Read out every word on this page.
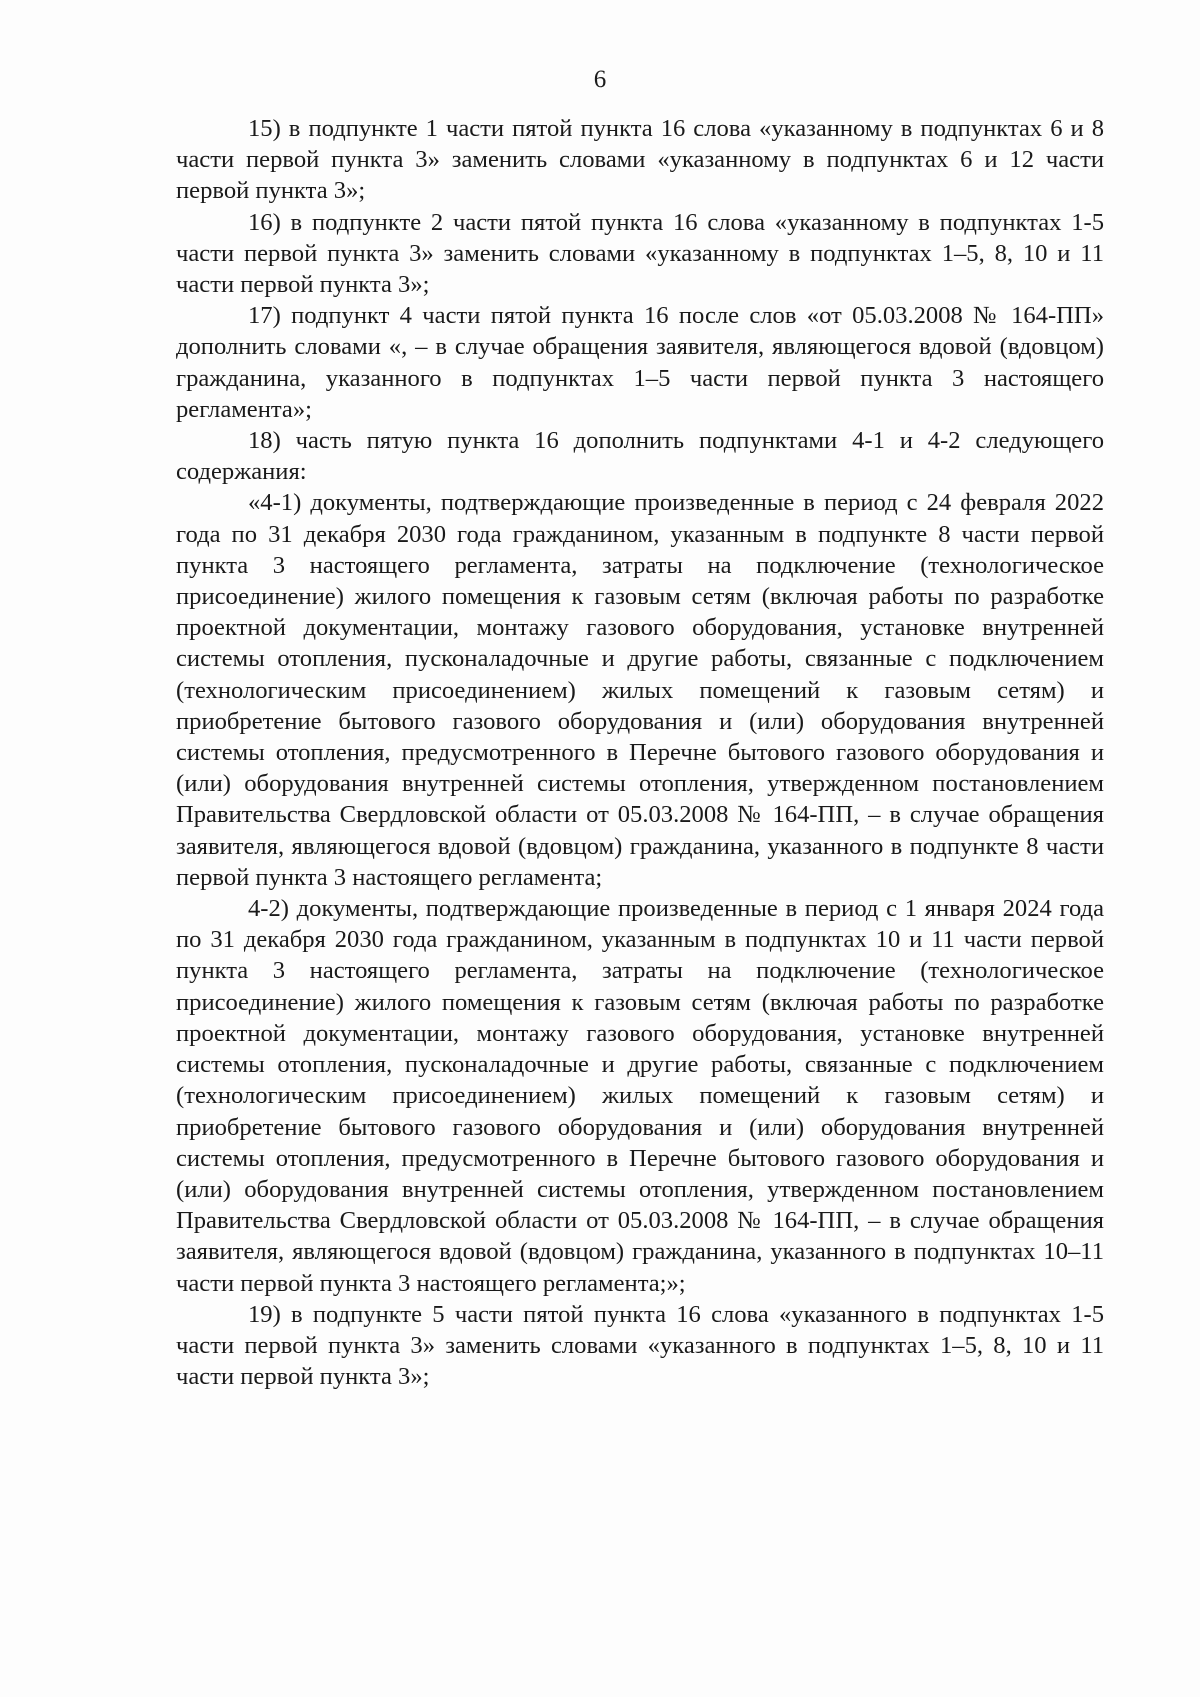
6

15) в подпункте 1 части пятой пункта 16 слова «указанному в подпунктах 6 и 8 части первой пункта 3» заменить словами «указанному в подпунктах 6 и 12 части первой пункта 3»;

16) в подпункте 2 части пятой пункта 16 слова «указанному в подпунктах 1-5 части первой пункта 3» заменить словами «указанному в подпунктах 1–5, 8, 10 и 11 части первой пункта 3»;

17) подпункт 4 части пятой пункта 16 после слов «от 05.03.2008 № 164-ПП» дополнить словами «, – в случае обращения заявителя, являющегося вдовой (вдовцом) гражданина, указанного в подпунктах 1–5 части первой пункта 3 настоящего регламента»;

18) часть пятую пункта 16 дополнить подпунктами 4-1 и 4-2 следующего содержания:

«4-1) документы, подтверждающие произведенные в период с 24 февраля 2022 года по 31 декабря 2030 года гражданином, указанным в подпункте 8 части первой пункта 3 настоящего регламента, затраты на подключение (технологическое присоединение) жилого помещения к газовым сетям (включая работы по разработке проектной документации, монтажу газового оборудования, установке внутренней системы отопления, пусконаладочные и другие работы, связанные с подключением (технологическим присоединением) жилых помещений к газовым сетям) и приобретение бытового газового оборудования и (или) оборудования внутренней системы отопления, предусмотренного в Перечне бытового газового оборудования и (или) оборудования внутренней системы отопления, утвержденном постановлением Правительства Свердловской области от 05.03.2008 № 164-ПП, – в случае обращения заявителя, являющегося вдовой (вдовцом) гражданина, указанного в подпункте 8 части первой пункта 3 настоящего регламента;

4-2) документы, подтверждающие произведенные в период с 1 января 2024 года по 31 декабря 2030 года гражданином, указанным в подпунктах 10 и 11 части первой пункта 3 настоящего регламента, затраты на подключение (технологическое присоединение) жилого помещения к газовым сетям (включая работы по разработке проектной документации, монтажу газового оборудования, установке внутренней системы отопления, пусконаладочные и другие работы, связанные с подключением (технологическим присоединением) жилых помещений к газовым сетям) и приобретение бытового газового оборудования и (или) оборудования внутренней системы отопления, предусмотренного в Перечне бытового газового оборудования и (или) оборудования внутренней системы отопления, утвержденном постановлением Правительства Свердловской области от 05.03.2008 № 164-ПП, – в случае обращения заявителя, являющегося вдовой (вдовцом) гражданина, указанного в подпунктах 10–11 части первой пункта 3 настоящего регламента;»;

19) в подпункте 5 части пятой пункта 16 слова «указанного в подпунктах 1-5 части первой пункта 3» заменить словами «указанного в подпунктах 1–5, 8, 10 и 11 части первой пункта 3»;
